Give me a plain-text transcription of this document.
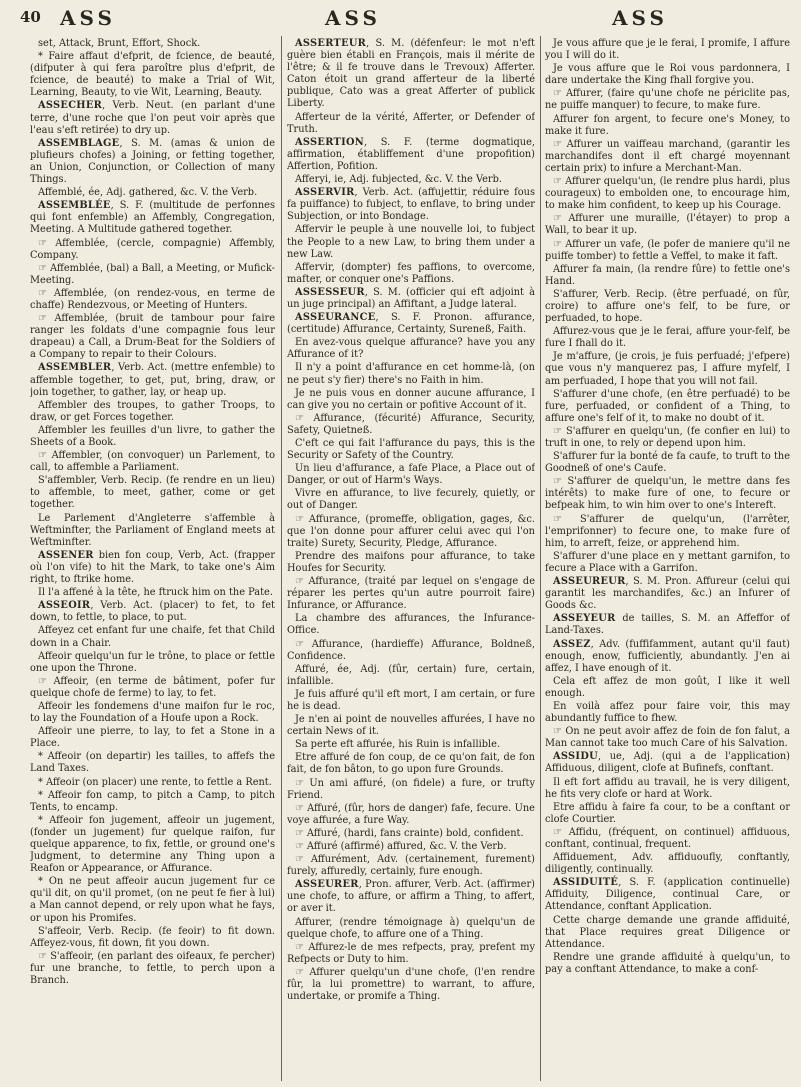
40 ASS	ASS	ASS

set, Attack, Brunt, Effort, Shock.

* Faire affaut d'efprit, de fcience, de beauté, (difputer à qui fera paroître plus d'efprit, de fcience, de beauté) to make a Trial of Wit, Learning, Beauty, to vie Wit, Learning, Beauty.

ASSECHER, Verb. Neut. (en parlant d'une terre, d'une roche que l'on peut voir après que l'eau s'eft retirée) to dry up.

ASSEMBLAGE, S. M. (amas & union de plufieurs chofes) a Joining, or fetting together, an Union, Conjunction, or Collection of many Things.

Affemblé, ée, Adj. gathered, &c. V. the Verb.

ASSEMBLÉE, S. F. (multitude de perfonnes qui font enfemble) an Affembly, Congregation, Meeting. A Multitude gathered together.

☞ Affemblée, (cercle, compagnie) Affembly, Company.

☞ Affemblée, (bal) a Ball, a Meeting, or Mufick-Meeting.

☞ Affemblée, (on rendez-vous, en terme de chaffe) Rendezvous, or Meeting of Hunters.

☞ Affemblée, (bruit de tambour pour faire ranger les foldats d'une compagnie fous leur drapeau) a Call, a Drum-Beat for the Soldiers of a Company to repair to their Colours.

ASSEMBLER, Verb. Act. (mettre enfemble) to affemble together, to get, put, bring, draw, or join together, to gather, lay, or heap up.

Affembler des troupes, to gather Troops, to draw, or get Forces together.

Affembler les feuilles d'un livre, to gather the Sheets of a Book.

☞ Affembler, (on convoquer) un Parlement, to call, to affemble a Parliament.

S'affembler, Verb. Recip. (fe rendre en un lieu) to affemble, to meet, gather, come or get together.

Le Parlement d'Angleterre s'affemble à Weftminfter, the Parliament of England meets at Weftminfter.

ASSENER bien fon coup, Verb, Act. (frapper où l'on vife) to hit the Mark, to take one's Aim right, to ftrike home.

Il l'a affené à la tête, he ftruck him on the Pate.

ASSEOIR, Verb. Act. (placer) to fet, to fet down, to fettle, to place, to put.

Affeyez cet enfant fur une chaife, fet that Child down in a Chair.

Affeoir quelqu'un fur le trône, to place or fettle one upon the Throne.

☞ Affeoir, (en terme de bâtiment, pofer fur quelque chofe de ferme) to lay, to fet.

Affeoir les fondemens d'une maifon fur le roc, to lay the Foundation of a Houfe upon a Rock.

Affeoir une pierre, to lay, to fet a Stone in a Place.

* Affeoir (on departir) les tailles, to affefs the Land Taxes.

* Affeoir (on placer) une rente, to fettle a Rent.

* Affeoir fon camp, to pitch a Camp, to pitch Tents, to encamp.

* Affeoir fon jugement, affeoir un jugement, (fonder un jugement) fur quelque raifon, fur quelque apparence, to fix, fettle, or ground one's Judgment, to determine any Thing upon a Reafon or Appearance, or Affurance.

* On ne peut affeoir aucun jugement fur ce qu'il dit, on qu'il promet, (on ne peut fe fier à lui) a Man cannot depend, or rely upon what he fays, or upon his Promifes.

S'affeoir, Verb. Recip. (fe feoir) to fit down. Affeyez-vous, fit down, fit you down.

☞ S'affeoir, (en parlant des oifeaux, fe percher) fur une branche, to fettle, to perch upon a Branch.

ASSERTEUR, S. M. (défenfeur: le mot n'eft guère bien établi en François, mais il mérite de l'être; & il fe trouve dans le Trevoux) Afferter. Caton étoit un grand afferteur de la liberté publique, Cato was a great Afferter of publick Liberty.

Afferteur de la vérité, Afferter, or Defender of Truth.

ASSERTION, S. F. (terme dogmatique, affirmation, établiffement d'une propofition) Affertion, Pofition.

Afferyi, ie, Adj. fubjected, &c. V. the Verb.

ASSERVIR, Verb. Act. (affujettir, réduire fous fa puiffance) to fubject, to enflave, to bring under Subjection, or into Bondage.

Affervir le peuple à une nouvelle loi, to fubject the People to a new Law, to bring them under a new Law.

Affervir, (dompter) fes paffions, to overcome, mafter, or conquer one's Paffions.

ASSESSEUR, S. M. (officier qui eft adjoint à un juge principal) an Affiftant, a Judge lateral.

ASSEURANCE, S. F. Pronon. affurance, (certitude) Affurance, Certainty, Sureneß, Faith.

En avez-vous quelque affurance? have you any Affurance of it?

Il n'y a point d'affurance en cet homme-là, (on ne peut s'y fier) there's no Faith in him.

Je ne puis vous en donner aucune affurance, I can give you no certain or pofitive Account of it.

☞ Affurance, (fécurité) Affurance, Security, Safety, Quietneß.

C'eft ce qui fait l'affurance du pays, this is the Security or Safety of the Country.

Un lieu d'affurance, a fafe Place, a Place out of Danger, or out of Harm's Ways.

Vivre en affurance, to live fecurely, quietly, or out of Danger.

☞ Affurance, (promeffe, obligation, gages, &c. que l'on donne pour affurer celui avec qui l'on traite) Surety, Security, Pledge, Affurance.

Prendre des maifons pour affurance, to take Houfes for Security.

☞ Affurance, (traité par lequel on s'engage de réparer les pertes qu'un autre pourroit faire) Infurance, or Affurance.

La chambre des affurances, the Infurance-Office.

☞ Affurance, (hardieffe) Affurance, Boldneß, Confidence.

Affuré, ée, Adj. (fûr, certain) fure, certain, infallible.

Je fuis affuré qu'il eft mort, I am certain, or fure he is dead.

Je n'en ai point de nouvelles affurées, I have no certain News of it.

Sa perte eft affurée, his Ruin is infallible.

Etre affuré de fon coup, de ce qu'on fait, de fon fait, de fon bâton, to go upon fure Grounds.

☞ Un ami affuré, (on fidele) a fure, or trufty Friend.

☞ Affuré, (fûr, hors de danger) fafe, fecure. Une voye affurée, a fure Way.

☞ Affuré, (hardi, fans crainte) bold, confident.

☞ Affuré (affirmé) affured, &c. V. the Verb.

☞ Affurément, Adv. (certainement, furement) furely, affuredly, certainly, fure enough.

ASSEURER, Pron. affurer, Verb. Act. (affirmer) une chofe, to affure, or affirm a Thing, to affert, or aver it.

Affurer, (rendre témoignage à) quelqu'un de quelque chofe, to affure one of a Thing.

☞ Affurez-le de mes refpects, pray, prefent my Refpects or Duty to him.

☞ Affurer quelqu'un d'une chofe, (l'en rendre fûr, la lui promettre) to warrant, to affure, undertake, or promife a Thing.

Je vous affure que je le ferai, I promife, I affure you I will do it.

Je vous affure que le Roi vous pardonnera, I dare undertake the King fhall forgive you.

☞ Affurer, (faire qu'une chofe ne périclite pas, ne puiffe manquer) to fecure, to make fure.

Affurer fon argent, to fecure one's Money, to make it fure.

☞ Affurer un vaiffeau marchand, (garantir les marchandifes dont il eft chargé moyennant certain prix) to infure a Merchant-Man.

☞ Affurer quelqu'un, (le rendre plus hardi, plus courageux) to embolden one, to encourage him, to make him confident, to keep up his Courage.

☞ Affurer une muraille, (l'étayer) to prop a Wall, to bear it up.

☞ Affurer un vafe, (le pofer de maniere qu'il ne puiffe tomber) to fettle a Veffel, to make it faft.

Affurer fa main, (la rendre fûre) to fettle one's Hand.

S'affurer, Verb. Recip. (être perfuadé, on fûr, croire) to affure one's felf, to be fure, or perfuaded, to hope.

Affurez-vous que je le ferai, affure your-felf, be fure I fhall do it.

Je m'affure, (je crois, je fuis perfuadé; j'efpere) que vous n'y manquerez pas, I affure myfelf, I am perfuaded, I hope that you will not fail.

S'affurer d'une chofe, (en être perfuadé) to be fure, perfuaded, or confident of a Thing, to affure one's felf of it, to make no doubt of it.

☞ S'affurer en quelqu'un, (fe confier en lui) to truft in one, to rely or depend upon him.

S'affurer fur la bonté de fa caufe, to truft to the Goodneß of one's Caufe.

☞ S'affurer de quelqu'un, le mettre dans fes intérêts) to make fure of one, to fecure or befpeak him, to win him over to one's Intereft.

☞ S'affurer de quelqu'un, (l'arrêter, l'emprifonner) to fecure one, to make fure of him, to arreft, feize, or apprehend him.

S'affurer d'une place en y mettant garnifon, to fecure a Place with a Garrifon.

ASSEUREUR, S. M. Pron. Affureur (celui qui garantit les marchandifes, &c.) an Infurer of Goods &c.

ASSEYEUR de tailles, S. M. an Affeffor of Land-Taxes.

ASSEZ, Adv. (fuffifamment, autant qu'il faut) enough, enow, fufficiently, abundantly. J'en ai affez, I have enough of it.

Cela eft affez de mon goût, I like it well enough.

En voilà affez pour faire voir, this may abundantly fuffice to fhew.

☞ On ne peut avoir affez de foin de fon falut, a Man cannot take too much Care of his Salvation.

ASSIDU, ue, Adj. (qui a de l'application) Affiduous, diligent, clofe at Bufinefs, conftant.

Il eft fort affidu au travail, he is very diligent, he fits very clofe or hard at Work.

Etre affidu à faire fa cour, to be a conftant or clofe Courtier.

☞ Affidu, (fréquent, on continuel) affiduous, conftant, continual, frequent.

Affiduement, Adv. affiduoufly, conftantly, diligently, continually.

ASSIDUITÉ, S. F. (application continuelle) Affiduity, Diligence, continual Care, or Attendance, conftant Application.

Cette charge demande une grande affiduité, that Place requires great Diligence or Attendance.

Rendre une grande affiduité à quelqu'un, to pay a conftant Attendance, to make a conf-
